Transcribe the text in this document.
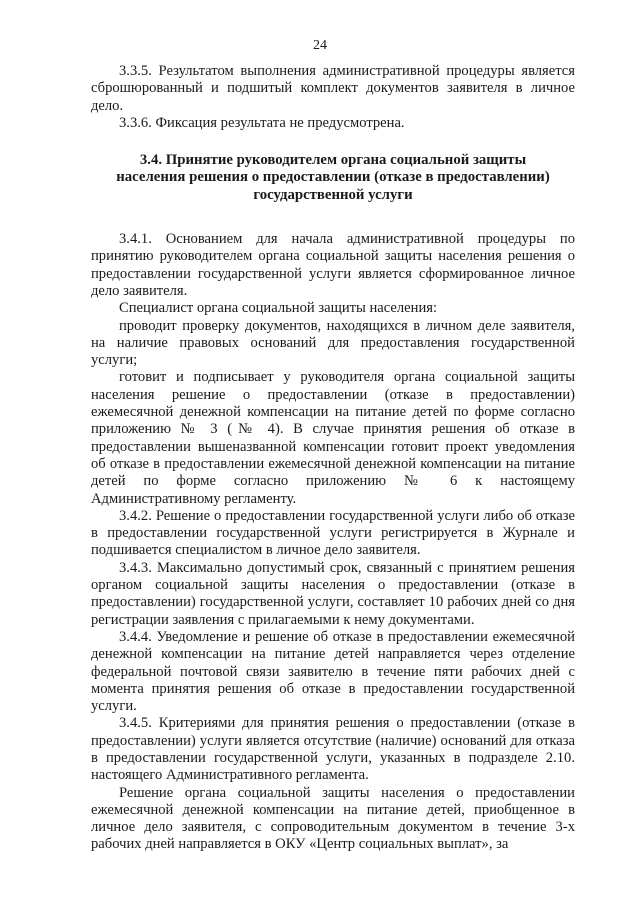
24

3.3.5. Результатом выполнения административной процедуры является сброшюрованный и подшитый комплект документов заявителя в личное дело.

3.3.6. Фиксация результата не предусмотрена.

3.4. Принятие руководителем органа социальной защиты
населения решения о предоставлении (отказе в предоставлении)
государственной услуги

3.4.1. Основанием для начала административной процедуры по принятию руководителем органа социальной защиты населения решения о предоставлении государственной услуги является сформированное личное дело заявителя.

Специалист органа социальной защиты населения:

проводит проверку документов, находящихся в личном деле заявителя, на наличие правовых оснований для предоставления государственной услуги;

готовит и подписывает у руководителя органа социальной защиты населения решение о предоставлении (отказе в предоставлении) ежемесячной денежной компенсации на питание детей по форме согласно приложению № 3 (№ 4). В случае принятия решения об отказе в предоставлении вышеназванной компенсации готовит проект уведомления об отказе в предоставлении ежемесячной денежной компенсации на питание детей по форме согласно приложению № 6 к настоящему Административному регламенту.

3.4.2. Решение о предоставлении государственной услуги либо об отказе в предоставлении государственной услуги регистрируется в Журнале и подшивается специалистом в личное дело заявителя.

3.4.3. Максимально допустимый срок, связанный с принятием решения органом социальной защиты населения о предоставлении (отказе в предоставлении) государственной услуги, составляет 10 рабочих дней со дня регистрации заявления с прилагаемыми к нему документами.

3.4.4. Уведомление и решение об отказе в предоставлении ежемесячной денежной компенсации на питание детей направляется через отделение федеральной почтовой связи заявителю в течение пяти рабочих дней с момента принятия решения об отказе в предоставлении государственной услуги.

3.4.5. Критериями для принятия решения о предоставлении (отказе в предоставлении) услуги является отсутствие (наличие) оснований для отказа в предоставлении государственной услуги, указанных в подразделе 2.10. настоящего Административного регламента.

Решение органа социальной защиты населения о предоставлении ежемесячной денежной компенсации на питание детей, приобщенное в личное дело заявителя, с сопроводительным документом в течение 3-х рабочих дней направляется в ОКУ «Центр социальных выплат», за
